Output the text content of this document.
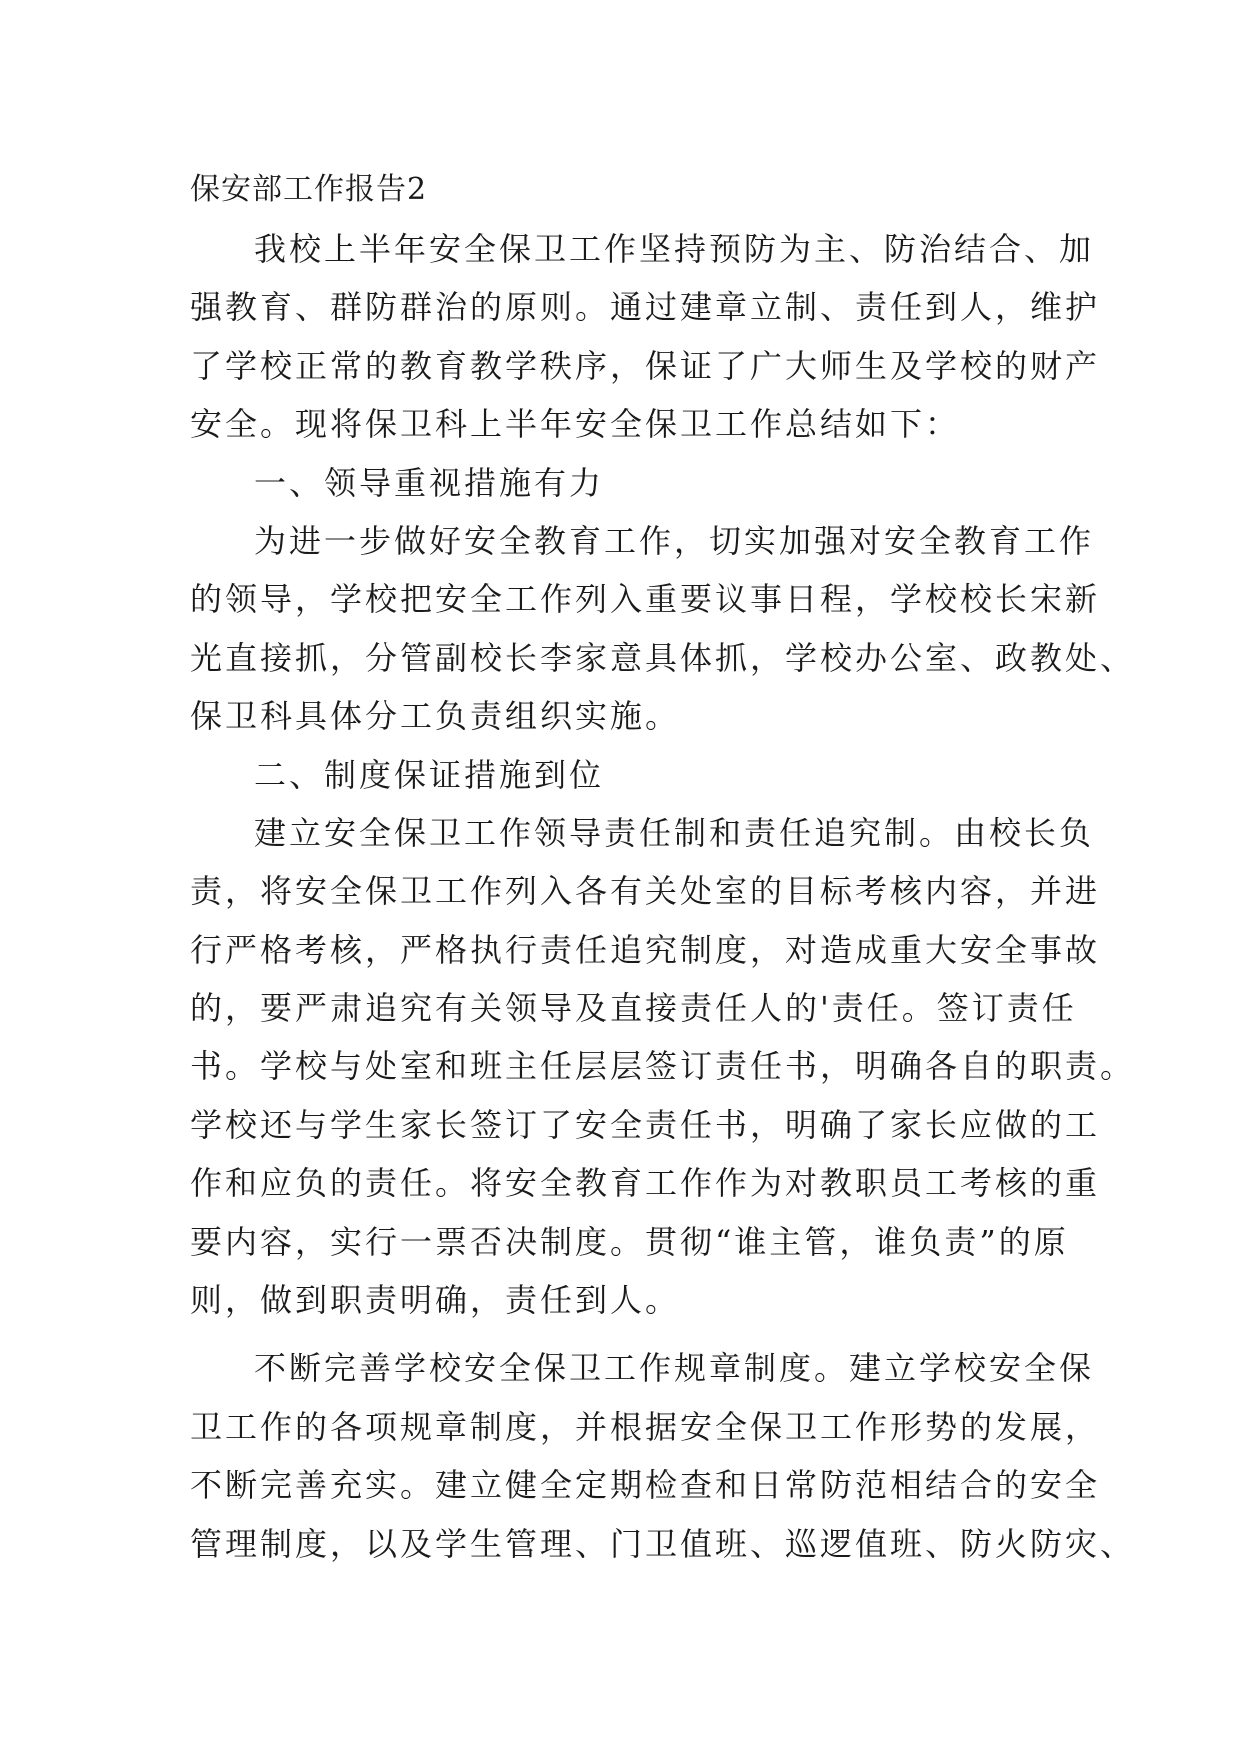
保安部工作报告2
我校上半年安全保卫工作坚持预防为主、防治结合、加
强教育、群防群治的原则。通过建章立制、责任到人，维护
了学校正常的教育教学秩序，保证了广大师生及学校的财产
安全。现将保卫科上半年安全保卫工作总结如下：
一、领导重视措施有力
为进一步做好安全教育工作，切实加强对安全教育工作
的领导，学校把安全工作列入重要议事日程，学校校长宋新
光直接抓，分管副校长李家意具体抓，学校办公室、政教处、
保卫科具体分工负责组织实施。
二、制度保证措施到位
建立安全保卫工作领导责任制和责任追究制。由校长负
责，将安全保卫工作列入各有关处室的目标考核内容，并进
行严格考核，严格执行责任追究制度，对造成重大安全事故
的，要严肃追究有关领导及直接责任人的'责任。签订责任
书。学校与处室和班主任层层签订责任书，明确各自的职责。
学校还与学生家长签订了安全责任书，明确了家长应做的工
作和应负的责任。将安全教育工作作为对教职员工考核的重
要内容，实行一票否决制度。贯彻“谁主管，谁负责”的原
则，做到职责明确，责任到人。
不断完善学校安全保卫工作规章制度。建立学校安全保
卫工作的各项规章制度，并根据安全保卫工作形势的发展，
不断完善充实。建立健全定期检查和日常防范相结合的安全
管理制度，以及学生管理、门卫值班、巡逻值班、防火防灾、
